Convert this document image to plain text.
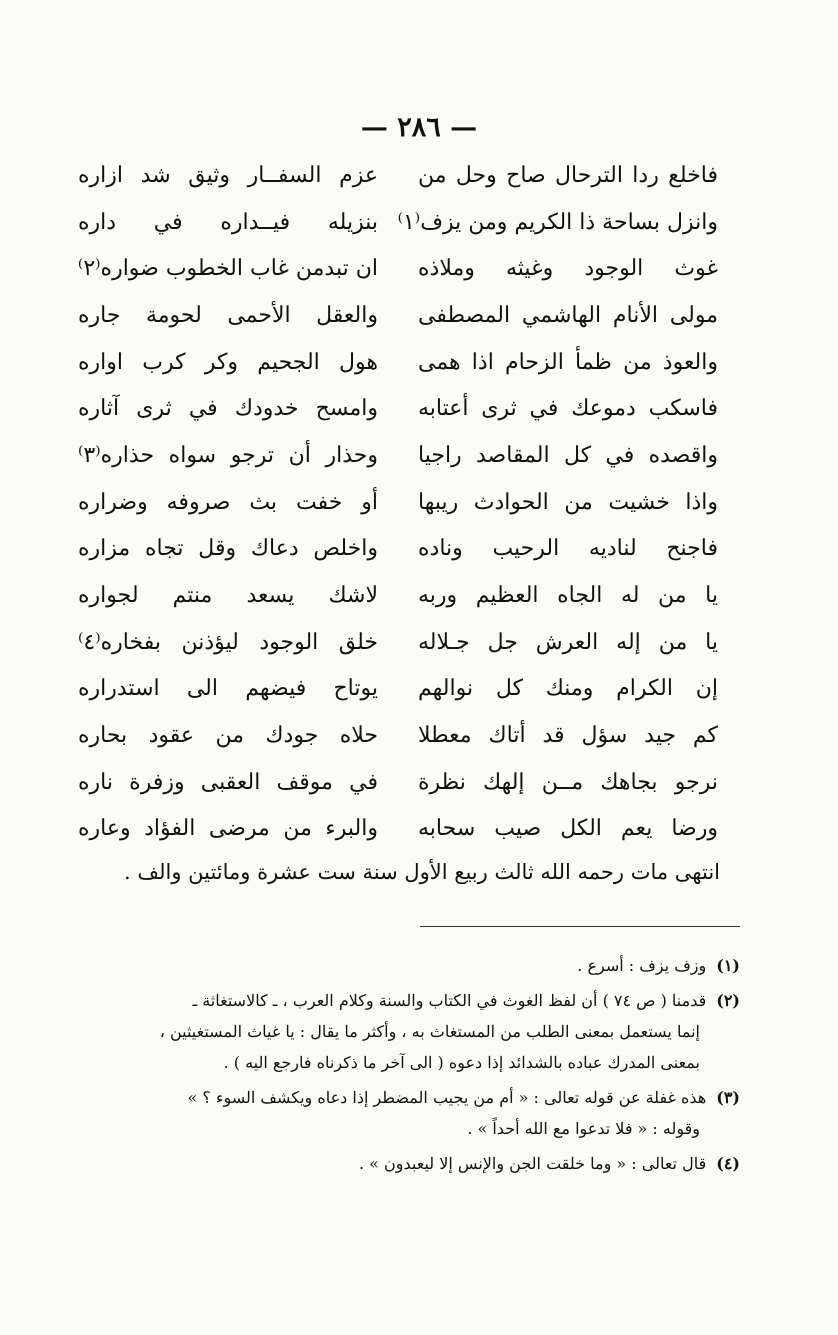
— ٢٨٦ —
فاخلع ردا الترحال صاح وحل من
عزم السفــار وثيق شد ازاره
وانزل بساحة ذا الكريم ومن يزف⁽١⁾
بنزيله فيــداره في داره
غوث الوجود وغيثه وملاذه
ان تبدمن غاب الخطوب ضواره⁽٢⁾
مولى الأنام الهاشمي المصطفى
والعقل الأحمى لحومة جاره
والعوذ من ظمأ الزحام اذا همى
هول الجحيم وكر كرب اواره
فاسكب دموعك في ثرى أعتابه
وامسح خدودك في ثرى آثاره
واقصده في كل المقاصد راجيا
وحذار أن ترجو سواه حذاره⁽٣⁾
واذا خشيت من الحوادث ريبها
أو خفت بث صروفه وضراره
فاجنح لناديه الرحيب وناده
واخلص دعاك وقل تجاه مزاره
يا من له الجاه العظيم وربه
لاشك يسعد منتم لجواره
يا من إله العرش جل جـلاله
خلق الوجود ليؤذنن بفخاره⁽٤⁾
إن الكرام ومنك كل نوالهم
يوتاح فيضهم الى استدراره
كم جيد سؤل قد أتاك معطلا
حلاه جودك من عقود بحاره
نرجو بجاهك مــن إلهك نظرة
في موقف العقبى وزفرة ناره
ورضا يعم الكل صيب سحابه
والبرء من مرضى الفؤاد وعاره
انتهى مات رحمه الله ثالث ربيع الأول سنة ست عشرة ومائتين والف .
(١)وزف يزف : أسرع .
(٢)قدمنا ( ص ٧٤ ) أن لفظ الغوث في الكتاب والسنة وكلام العرب ، ـ كالاستغاثة ـ
إنما يستعمل بمعنى الطلب من المستغاث به ، وأكثر ما يقال : يا غياث المستغيثين ،
بمعنى المدرك عباده بالشدائد إذا دعوه ( الى آخر ما ذكرناه فارجع اليه ) .
(٣)هذه غفلة عن قوله تعالى : « أم من يجيب المضطر إذا دعاه ويكشف السوء ؟ »
وقوله : « فلا تدعوا مع الله أحداً » .
(٤)قال تعالى : « وما خلقت الجن والإنس إلا ليعبدون » .
